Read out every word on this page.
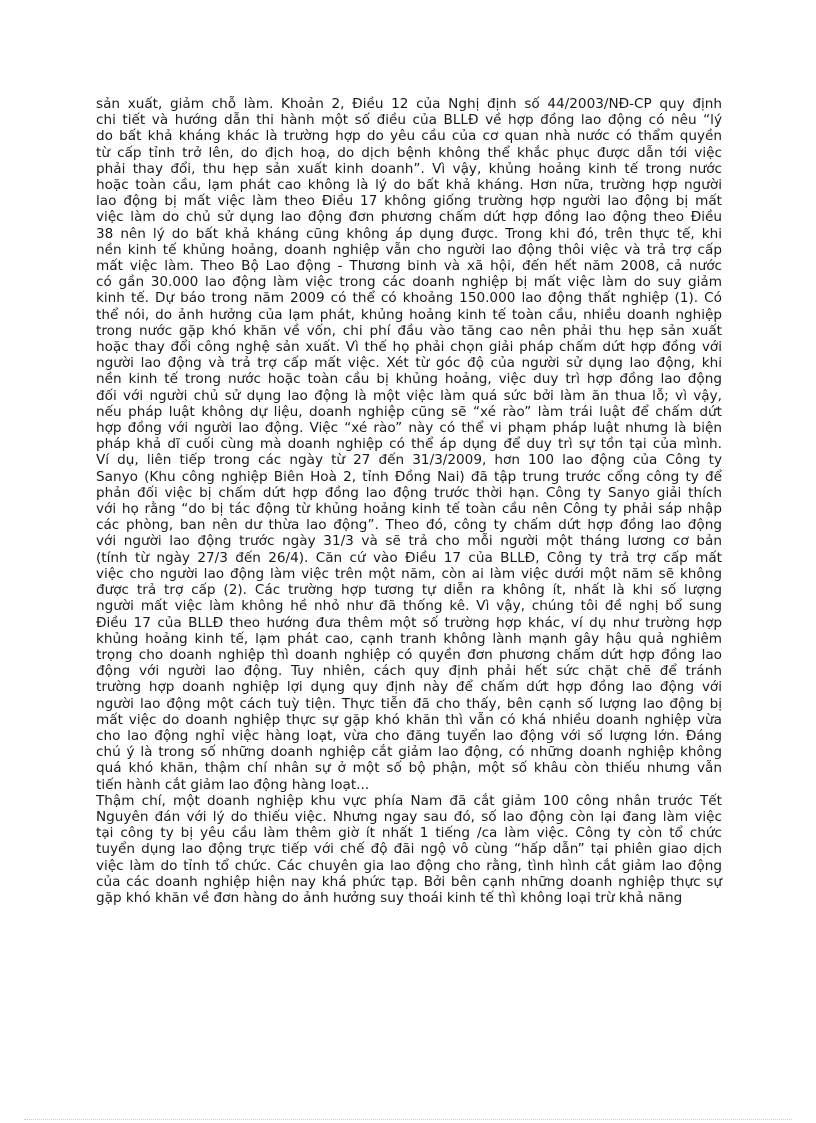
sản xuất, giảm chỗ làm. Khoản 2, Điều 12 của Nghị định số 44/2003/NĐ-CP quy định
chi tiết và hướng dẫn thi hành một số điều của BLLĐ về hợp đồng lao động có nêu “lý
do bất khả kháng khác là trường hợp do yêu cầu của cơ quan nhà nước có thẩm quyền
từ cấp tỉnh trở lên, do địch hoạ, do dịch bệnh không thể khắc phục được dẫn tới việc
phải thay đổi, thu hẹp sản xuất kinh doanh”. Vì vậy, khủng hoảng kinh tế trong nước
hoặc toàn cầu, lạm phát cao không là lý do bất khả kháng. Hơn nữa, trường hợp người
lao động bị mất việc làm theo Điều 17 không giống trường hợp người lao động bị mất
việc làm do chủ sử dụng lao động đơn phương chấm dứt hợp đồng lao động theo Điều
38 nên lý do bất khả kháng cũng không áp dụng được. Trong khi đó, trên thực tế, khi
nền kinh tế khủng hoảng, doanh nghiệp vẫn cho người lao động thôi việc và trả trợ cấp
mất việc làm. Theo Bộ Lao động - Thương binh và xã hội, đến hết năm 2008, cả nước
có gần 30.000 lao động làm việc trong các doanh nghiệp bị mất việc làm do suy giảm
kinh tế. Dự báo trong năm 2009 có thể có khoảng 150.000 lao động thất nghiệp (1). Có
thể nói, do ảnh hưởng của lạm phát, khủng hoảng kinh tế toàn cầu, nhiều doanh nghiệp
trong nước gặp khó khăn về vốn, chi phí đầu vào tăng cao nên phải thu hẹp sản xuất
hoặc thay đổi công nghệ sản xuất. Vì thế họ phải chọn giải pháp chấm dứt hợp đồng với
người lao động và trả trợ cấp mất việc. Xét từ góc độ của người sử dụng lao động, khi
nền kinh tế trong nước hoặc toàn cầu bị khủng hoảng, việc duy trì hợp đồng lao động
đối với người chủ sử dụng lao động là một việc làm quá sức bởi làm ăn thua lỗ; vì vậy,
nếu pháp luật không dự liệu, doanh nghiệp cũng sẽ “xé rào” làm trái luật để chấm dứt
hợp đồng với người lao động. Việc “xé rào” này có thể vi phạm pháp luật nhưng là biện
pháp khả dĩ cuối cùng mà doanh nghiệp có thể áp dụng để duy trì sự tồn tại của mình.
Ví dụ, liên tiếp trong các ngày từ 27 đến 31/3/2009, hơn 100 lao động của Công ty
Sanyo (Khu công nghiệp Biên Hoà 2, tỉnh Đồng Nai) đã tập trung trước cổng công ty để
phản đối việc bị chấm dứt hợp đồng lao động trước thời hạn. Công ty Sanyo giải thích
với họ rằng “do bị tác động từ khủng hoảng kinh tế toàn cầu nên Công ty phải sáp nhập
các phòng, ban nên dư thừa lao động”. Theo đó, công ty chấm dứt hợp đồng lao động
với người lao động trước ngày 31/3 và sẽ trả cho mỗi người một tháng lương cơ bản
(tính từ ngày 27/3 đến 26/4). Căn cứ vào Điều 17 của BLLĐ, Công ty trả trợ cấp mất
việc cho người lao động làm việc trên một năm, còn ai làm việc dưới một năm sẽ không
được trả trợ cấp (2). Các trường hợp tương tự diễn ra không ít, nhất là khi số lượng
người mất việc làm không hề nhỏ như đã thống kê. Vì vậy, chúng tôi đề nghị bổ sung
Điều 17 của BLLĐ theo hướng đưa thêm một số trường hợp khác, ví dụ như trường hợp
khủng hoảng kinh tế, lạm phát cao, cạnh tranh không lành mạnh gây hậu quả nghiêm
trọng cho doanh nghiệp thì doanh nghiệp có quyền đơn phương chấm dứt hợp đồng lao
động với người lao động. Tuy nhiên, cách quy định phải hết sức chặt chẽ để tránh
trường hợp doanh nghiệp lợi dụng quy định này để chấm dứt hợp đồng lao động với
người lao động một cách tuỳ tiện. Thực tiễn đã cho thấy, bên cạnh số lượng lao động bị
mất việc do doanh nghiệp thực sự gặp khó khăn thì vẫn có khá nhiều doanh nghiệp vừa
cho lao động nghỉ việc hàng loạt, vừa cho đăng tuyển lao động với số lượng lớn. Đáng
chú ý là trong số những doanh nghiệp cắt giảm lao động, có những doanh nghiệp không
quá khó khăn, thậm chí nhân sự ở một số bộ phận, một số khâu còn thiếu nhưng vẫn
tiến hành cắt giảm lao động hàng loạt...
Thậm chí, một doanh nghiệp khu vực phía Nam đã cắt giảm 100 công nhân trước Tết
Nguyên đán với lý do thiếu việc. Nhưng ngay sau đó, số lao động còn lại đang làm việc
tại công ty bị yêu cầu làm thêm giờ ít nhất 1 tiếng /ca làm việc. Công ty còn tổ chức
tuyển dụng lao động trực tiếp với chế độ đãi ngộ vô cùng “hấp dẫn” tại phiên giao dịch
việc làm do tỉnh tổ chức. Các chuyên gia lao động cho rằng, tình hình cắt giảm lao động
của các doanh nghiệp hiện nay khá phức tạp. Bởi bên cạnh những doanh nghiệp thực sự
gặp khó khăn về đơn hàng do ảnh hưởng suy thoái kinh tế thì không loại trừ khả năng
